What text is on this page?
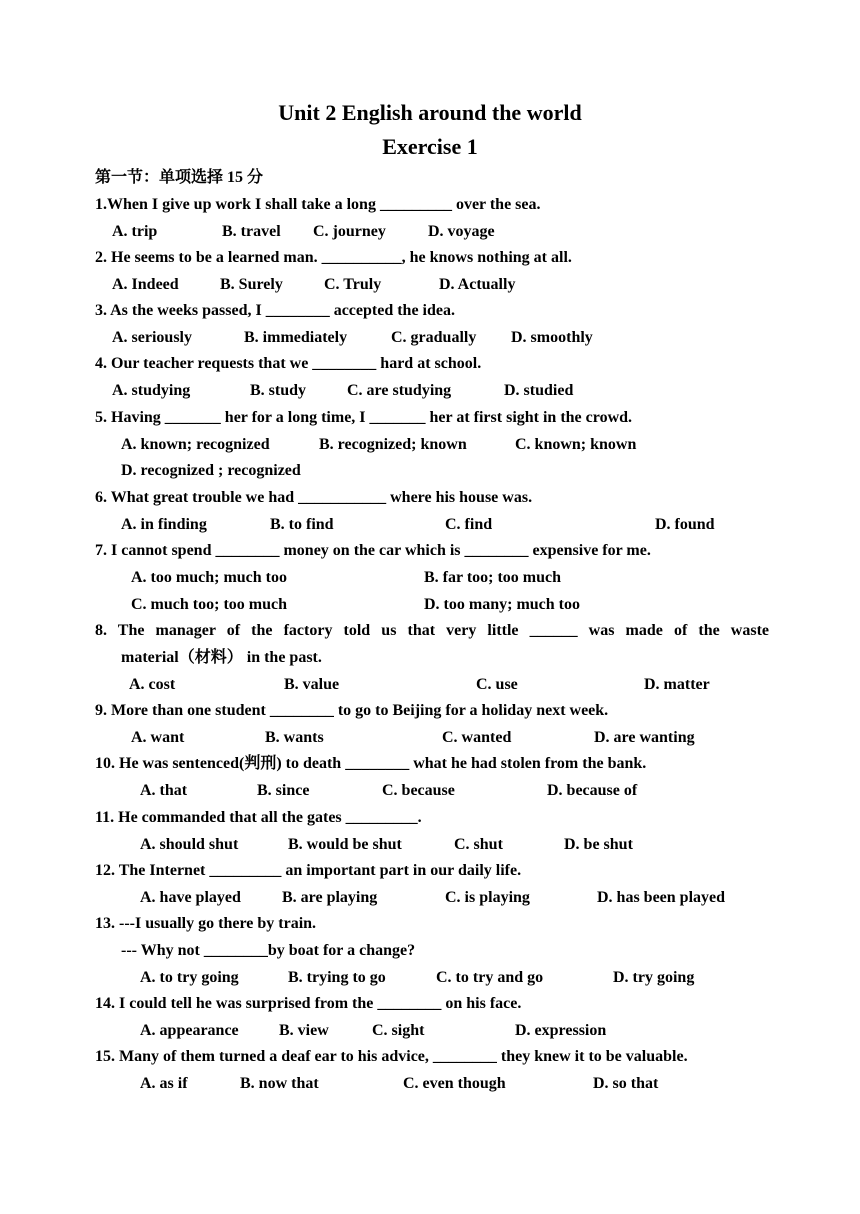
Unit 2 English around the world
Exercise 1
第一节：单项选择 15 分
1.When I give up work I shall take a long _________ over the sea.
A. trip	B. travel C. journey	D. voyage
2. He seems to be a learned man. __________, he knows nothing at all.
A. Indeed	B. Surely	C. Truly	D. Actually
3. As the weeks passed, I ________ accepted the idea.
A. seriously	B. immediately	C. gradually D. smoothly
4. Our teacher requests that we ________ hard at school.
A. studying	B. study	C. are studying	D. studied
5. Having _______ her for a long time, I _______ her at first sight in the crowd.
A. known; recognized	B. recognized; known	C. known; known
D. recognized ; recognized
6. What great trouble we had ___________ where his house was.
A. in finding	B. to find	C. find	D. found
7. I cannot spend ________ money on the car which is ________ expensive for me.
A. too much; much too	B. far too; too much
C. much too; too much	D. too many; much too
8. The manager of the factory told us that very little ______ was made of the waste
material（材料） in the past.
A. cost	B. value	C. use	D. matter
9. More than one student ________ to go to Beijing for a holiday next week.
A. want	B. wants	C. wanted	D. are wanting
10. He was sentenced(判刑) to death ________ what he had stolen from the bank.
A. that	B. since	C. because	D. because of
11. He commanded that all the gates _________.
A. should shut	B. would be shut	C. shut	D. be shut
12. The Internet _________ an important part in our daily life.
A. have played	B. are playing	C. is playing	D. has been played
13. ---I usually go there by train.
--- Why not ________by boat for a change?
A. to try going	B. trying to go	C. to try and go	D. try going
14. I could tell he was surprised from the ________ on his face.
A. appearance	B. view	C. sight	D. expression
15. Many of them turned a deaf ear to his advice, ________ they knew it to be valuable.
A. as if	B. now that	C. even though	D. so that
